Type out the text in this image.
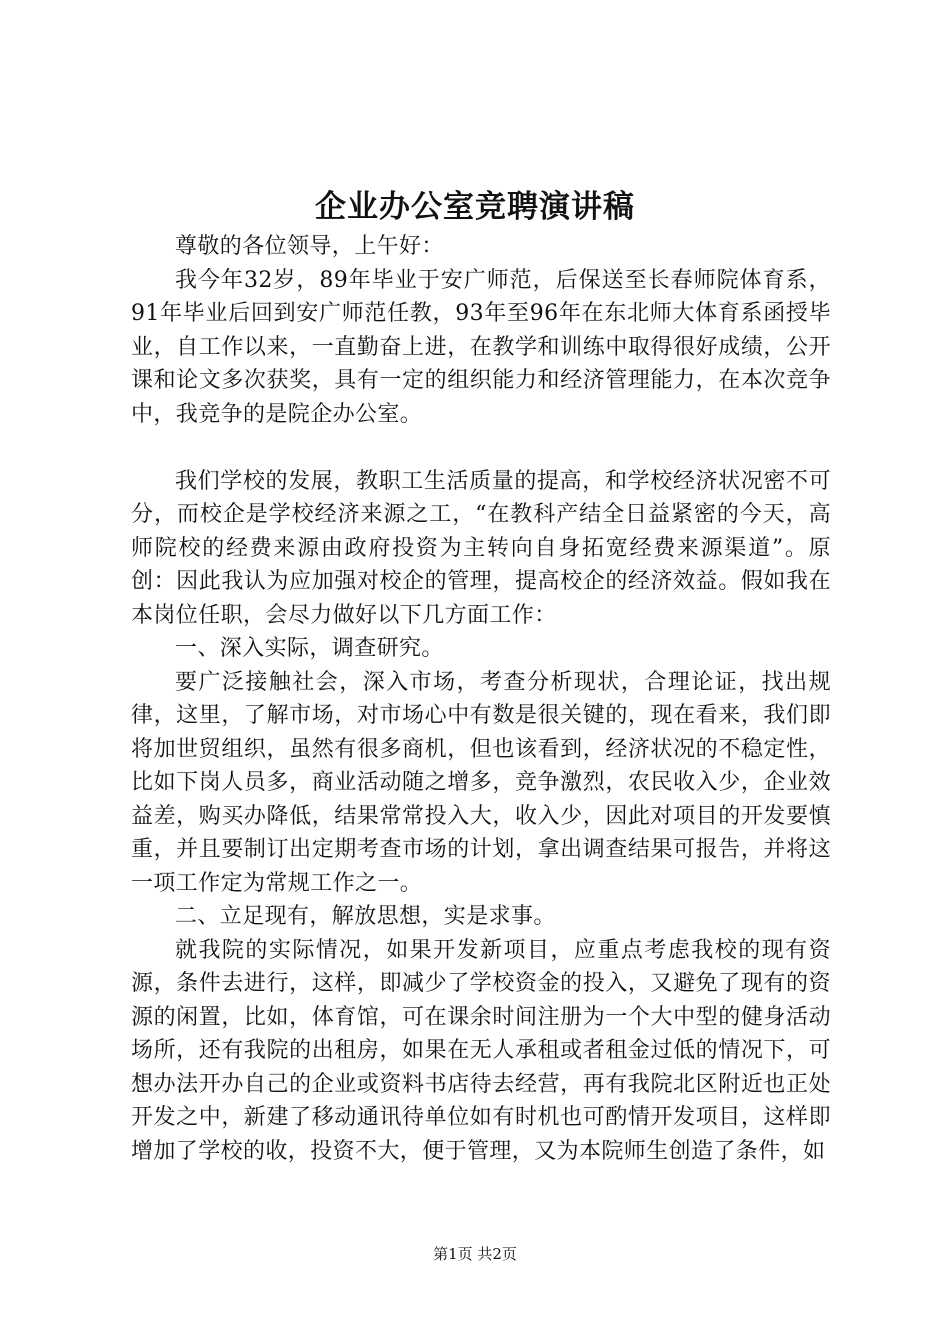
企业办公室竞聘演讲稿

尊敬的各位领导，上午好：

我今年32岁，89年毕业于安广师范，后保送至长春师院体育系，91年毕业后回到安广师范任教，93年至96年在东北师大体育系函授毕业，自工作以来，一直勤奋上进，在教学和训练中取得很好成绩，公开课和论文多次获奖，具有一定的组织能力和经济管理能力，在本次竞争中，我竞争的是院企办公室。

我们学校的发展，教职工生活质量的提高，和学校经济状况密不可分，而校企是学校经济来源之工，“在教科产结全日益紧密的今天，高师院校的经费来源由政府投资为主转向自身拓宽经费来源渠道”。原创：因此我认为应加强对校企的管理，提高校企的经济效益。假如我在本岗位任职，会尽力做好以下几方面工作：

一、深入实际，调查研究。

要广泛接触社会，深入市场，考查分析现状，合理论证，找出规律，这里，了解市场，对市场心中有数是很关键的，现在看来，我们即将加世贸组织，虽然有很多商机，但也该看到，经济状况的不稳定性，比如下岗人员多，商业活动随之增多，竞争激烈，农民收入少，企业效益差，购买办降低，结果常常投入大，收入少，因此对项目的开发要慎重，并且要制订出定期考查市场的计划，拿出调查结果可报告，并将这一项工作定为常规工作之一。

二、立足现有，解放思想，实是求事。

就我院的实际情况，如果开发新项目，应重点考虑我校的现有资源，条件去进行，这样，即减少了学校资金的投入，又避免了现有的资源的闲置，比如，体育馆，可在课余时间注册为一个大中型的健身活动场所，还有我院的出租房，如果在无人承租或者租金过低的情况下，可想办法开办自己的企业或资料书店待去经营，再有我院北区附近也正处开发之中，新建了移动通讯待单位如有时机也可酌情开发项目，这样即增加了学校的收，投资不大，便于管理，又为本院师生创造了条件，如

第1页 共2页
